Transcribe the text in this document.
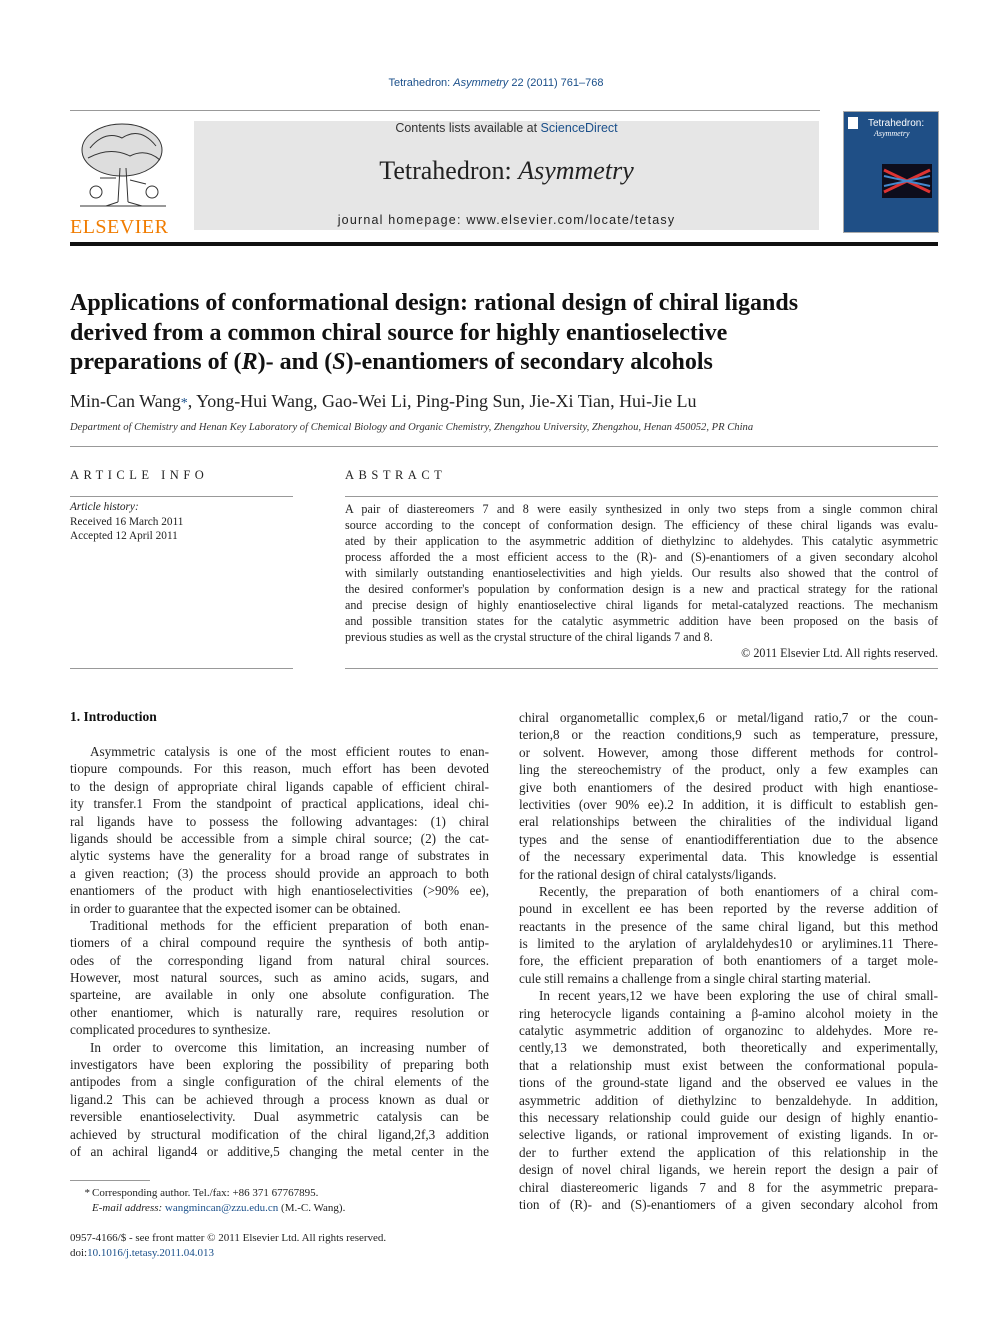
Tetrahedron: Asymmetry 22 (2011) 761–768
ELSEVIER
Contents lists available at ScienceDirect
Tetrahedron: Asymmetry
journal homepage: www.elsevier.com/locate/tetasy
Tetrahedron:
Asymmetry
Applications of conformational design: rational design of chiral ligands
derived from a common chiral source for highly enantioselective
preparations of (R)- and (S)-enantiomers of secondary alcohols
Min-Can Wang*, Yong-Hui Wang, Gao-Wei Li, Ping-Ping Sun, Jie-Xi Tian, Hui-Jie Lu
Department of Chemistry and Henan Key Laboratory of Chemical Biology and Organic Chemistry, Zhengzhou University, Zhengzhou, Henan 450052, PR China
ARTICLE INFO
Article history:
Received 16 March 2011
Accepted 12 April 2011
ABSTRACT
A pair of diastereomers 7 and 8 were easily synthesized in only two steps from a single common chiral
source according to the concept of conformation design. The efficiency of these chiral ligands was evalu-
ated by their application to the asymmetric addition of diethylzinc to aldehydes. This catalytic asymmetric
process afforded the a most efficient access to the (R)- and (S)-enantiomers of a given secondary alcohol
with similarly outstanding enantioselectivities and high yields. Our results also showed that the control of
the desired conformer's population by conformation design is a new and practical strategy for the rational
and precise design of highly enantioselective chiral ligands for metal-catalyzed reactions. The mechanism
and possible transition states for the catalytic asymmetric addition have been proposed on the basis of
previous studies as well as the crystal structure of the chiral ligands 7 and 8.
© 2011 Elsevier Ltd. All rights reserved.
1. Introduction
Asymmetric catalysis is one of the most efficient routes to enan-
tiopure compounds. For this reason, much effort has been devoted
to the design of appropriate chiral ligands capable of efficient chiral-
ity transfer.1 From the standpoint of practical applications, ideal chi-
ral ligands have to possess the following advantages: (1) chiral
ligands should be accessible from a simple chiral source; (2) the cat-
alytic systems have the generality for a broad range of substrates in
a given reaction; (3) the process should provide an approach to both
enantiomers of the product with high enantioselectivities (>90% ee),
in order to guarantee that the expected isomer can be obtained.
Traditional methods for the efficient preparation of both enan-
tiomers of a chiral compound require the synthesis of both antip-
odes of the corresponding ligand from natural chiral sources.
However, most natural sources, such as amino acids, sugars, and
sparteine, are available in only one absolute configuration. The
other enantiomer, which is naturally rare, requires resolution or
complicated procedures to synthesize.
In order to overcome this limitation, an increasing number of
investigators have been exploring the possibility of preparing both
antipodes from a single configuration of the chiral elements of the
ligand.2 This can be achieved through a process known as dual or
reversible enantioselectivity. Dual asymmetric catalysis can be
achieved by structural modification of the chiral ligand,2f,3 addition
of an achiral ligand4 or additive,5 changing the metal center in the
chiral organometallic complex,6 or metal/ligand ratio,7 or the coun-
terion,8 or the reaction conditions,9 such as temperature, pressure,
or solvent. However, among those different methods for control-
ling the stereochemistry of the product, only a few examples can
give both enantiomers of the desired product with high enantiose-
lectivities (over 90% ee).2 In addition, it is difficult to establish gen-
eral relationships between the chiralities of the individual ligand
types and the sense of enantiodifferentiation due to the absence
of the necessary experimental data. This knowledge is essential
for the rational design of chiral catalysts/ligands.
Recently, the preparation of both enantiomers of a chiral com-
pound in excellent ee has been reported by the reverse addition of
reactants in the presence of the same chiral ligand, but this method
is limited to the arylation of arylaldehydes10 or arylimines.11 There-
fore, the efficient preparation of both enantiomers of a target mole-
cule still remains a challenge from a single chiral starting material.
In recent years,12 we have been exploring the use of chiral small-
ring heterocycle ligands containing a β-amino alcohol moiety in the
catalytic asymmetric addition of organozinc to aldehydes. More re-
cently,13 we demonstrated, both theoretically and experimentally,
that a relationship must exist between the conformational popula-
tions of the ground-state ligand and the observed ee values in the
asymmetric addition of diethylzinc to benzaldehyde. In addition,
this necessary relationship could guide our design of highly enantio-
selective ligands, or rational improvement of existing ligands. In or-
der to further extend the application of this relationship in the
design of novel chiral ligands, we herein report the design a pair of
chiral diastereomeric ligands 7 and 8 for the asymmetric prepara-
tion of (R)- and (S)-enantiomers of a given secondary alcohol from
* Corresponding author. Tel./fax: +86 371 67767895.
E-mail address: wangmincan@zzu.edu.cn (M.-C. Wang).
0957-4166/$ - see front matter © 2011 Elsevier Ltd. All rights reserved.
doi:10.1016/j.tetasy.2011.04.013
